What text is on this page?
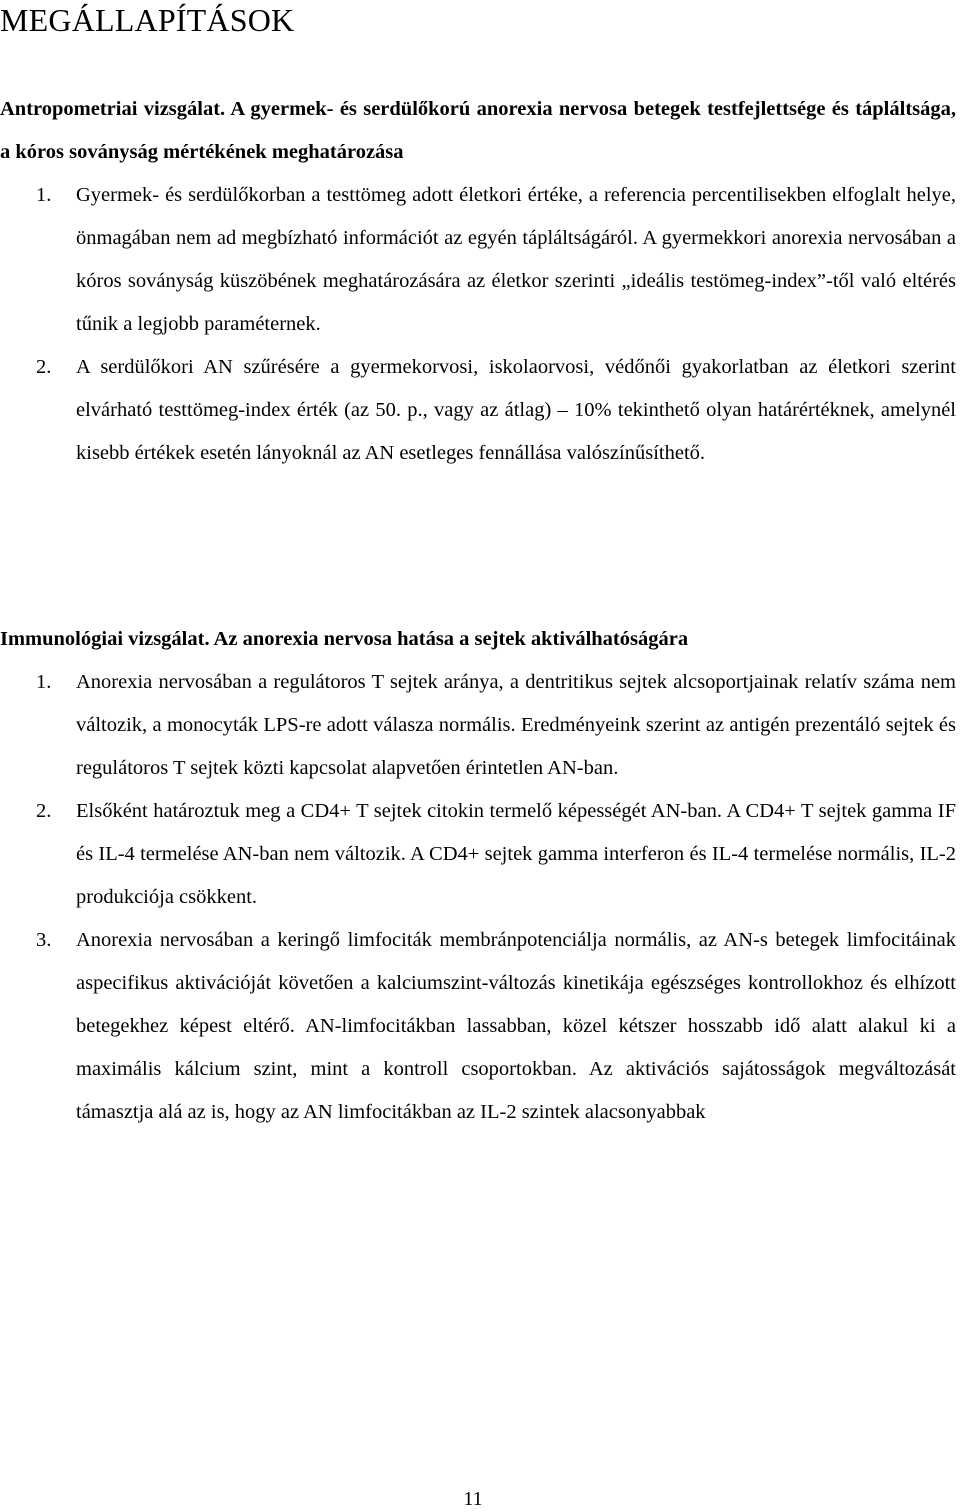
MEGÁLLAPÍTÁSOK

Antropometriai vizsgálat. A gyermek- és serdülőkorú anorexia nervosa betegek testfejlettsége és tápláltsága, a kóros soványság mértékének meghatározása

1. Gyermek- és serdülőkorban a testtömeg adott életkori értéke, a referencia percentilisekben elfoglalt helye, önmagában nem ad megbízható információt az egyén tápláltságáról. A gyermekkori anorexia nervosában a kóros soványság küszöbének meghatározására az életkor szerinti „ideális testömeg-index”-től való eltérés tűnik a legjobb paraméternek.
2. A serdülőkori AN szűrésére a gyermekorvosi, iskolaorvosi, védőnői gyakorlatban az életkori szerint elvárható testtömeg-index érték (az 50. p., vagy az átlag) – 10% tekinthető olyan határértéknek, amelynél kisebb értékek esetén lányoknál az AN esetleges fennállása valószínűsíthető.

Immunológiai vizsgálat. Az anorexia nervosa hatása a sejtek aktiválhatóságára

1. Anorexia nervosában a regulátoros T sejtek aránya, a dentritikus sejtek alcsoportjainak relatív száma nem változik, a monocyták LPS-re adott válasza normális. Eredményeink szerint az antigén prezentáló sejtek és regulátoros T sejtek közti kapcsolat alapvetően érintetlen AN-ban.
2. Elsőként határoztuk meg a CD4+ T sejtek citokin termelő képességét AN-ban. A CD4+ T sejtek gamma IF és IL-4 termelése AN-ban nem változik. A CD4+ sejtek gamma interferon és IL-4 termelése normális, IL-2 produkciója csökkent.
3. Anorexia nervosában a keringő limfociták membránpotenciálja normális, az AN-s betegek limfocitáinak aspecifikus aktivációját követően a kalciumszint-változás kinetikája egészséges kontrollokhoz és elhízott betegekhez képest eltérő. AN-limfocitákban lassabban, közel kétszer hosszabb idő alatt alakul ki a maximális kálcium szint, mint a kontroll csoportokban. Az aktivációs sajátosságok megváltozását támasztja alá az is, hogy az AN limfocitákban az IL-2 szintek alacsonyabbak
11
